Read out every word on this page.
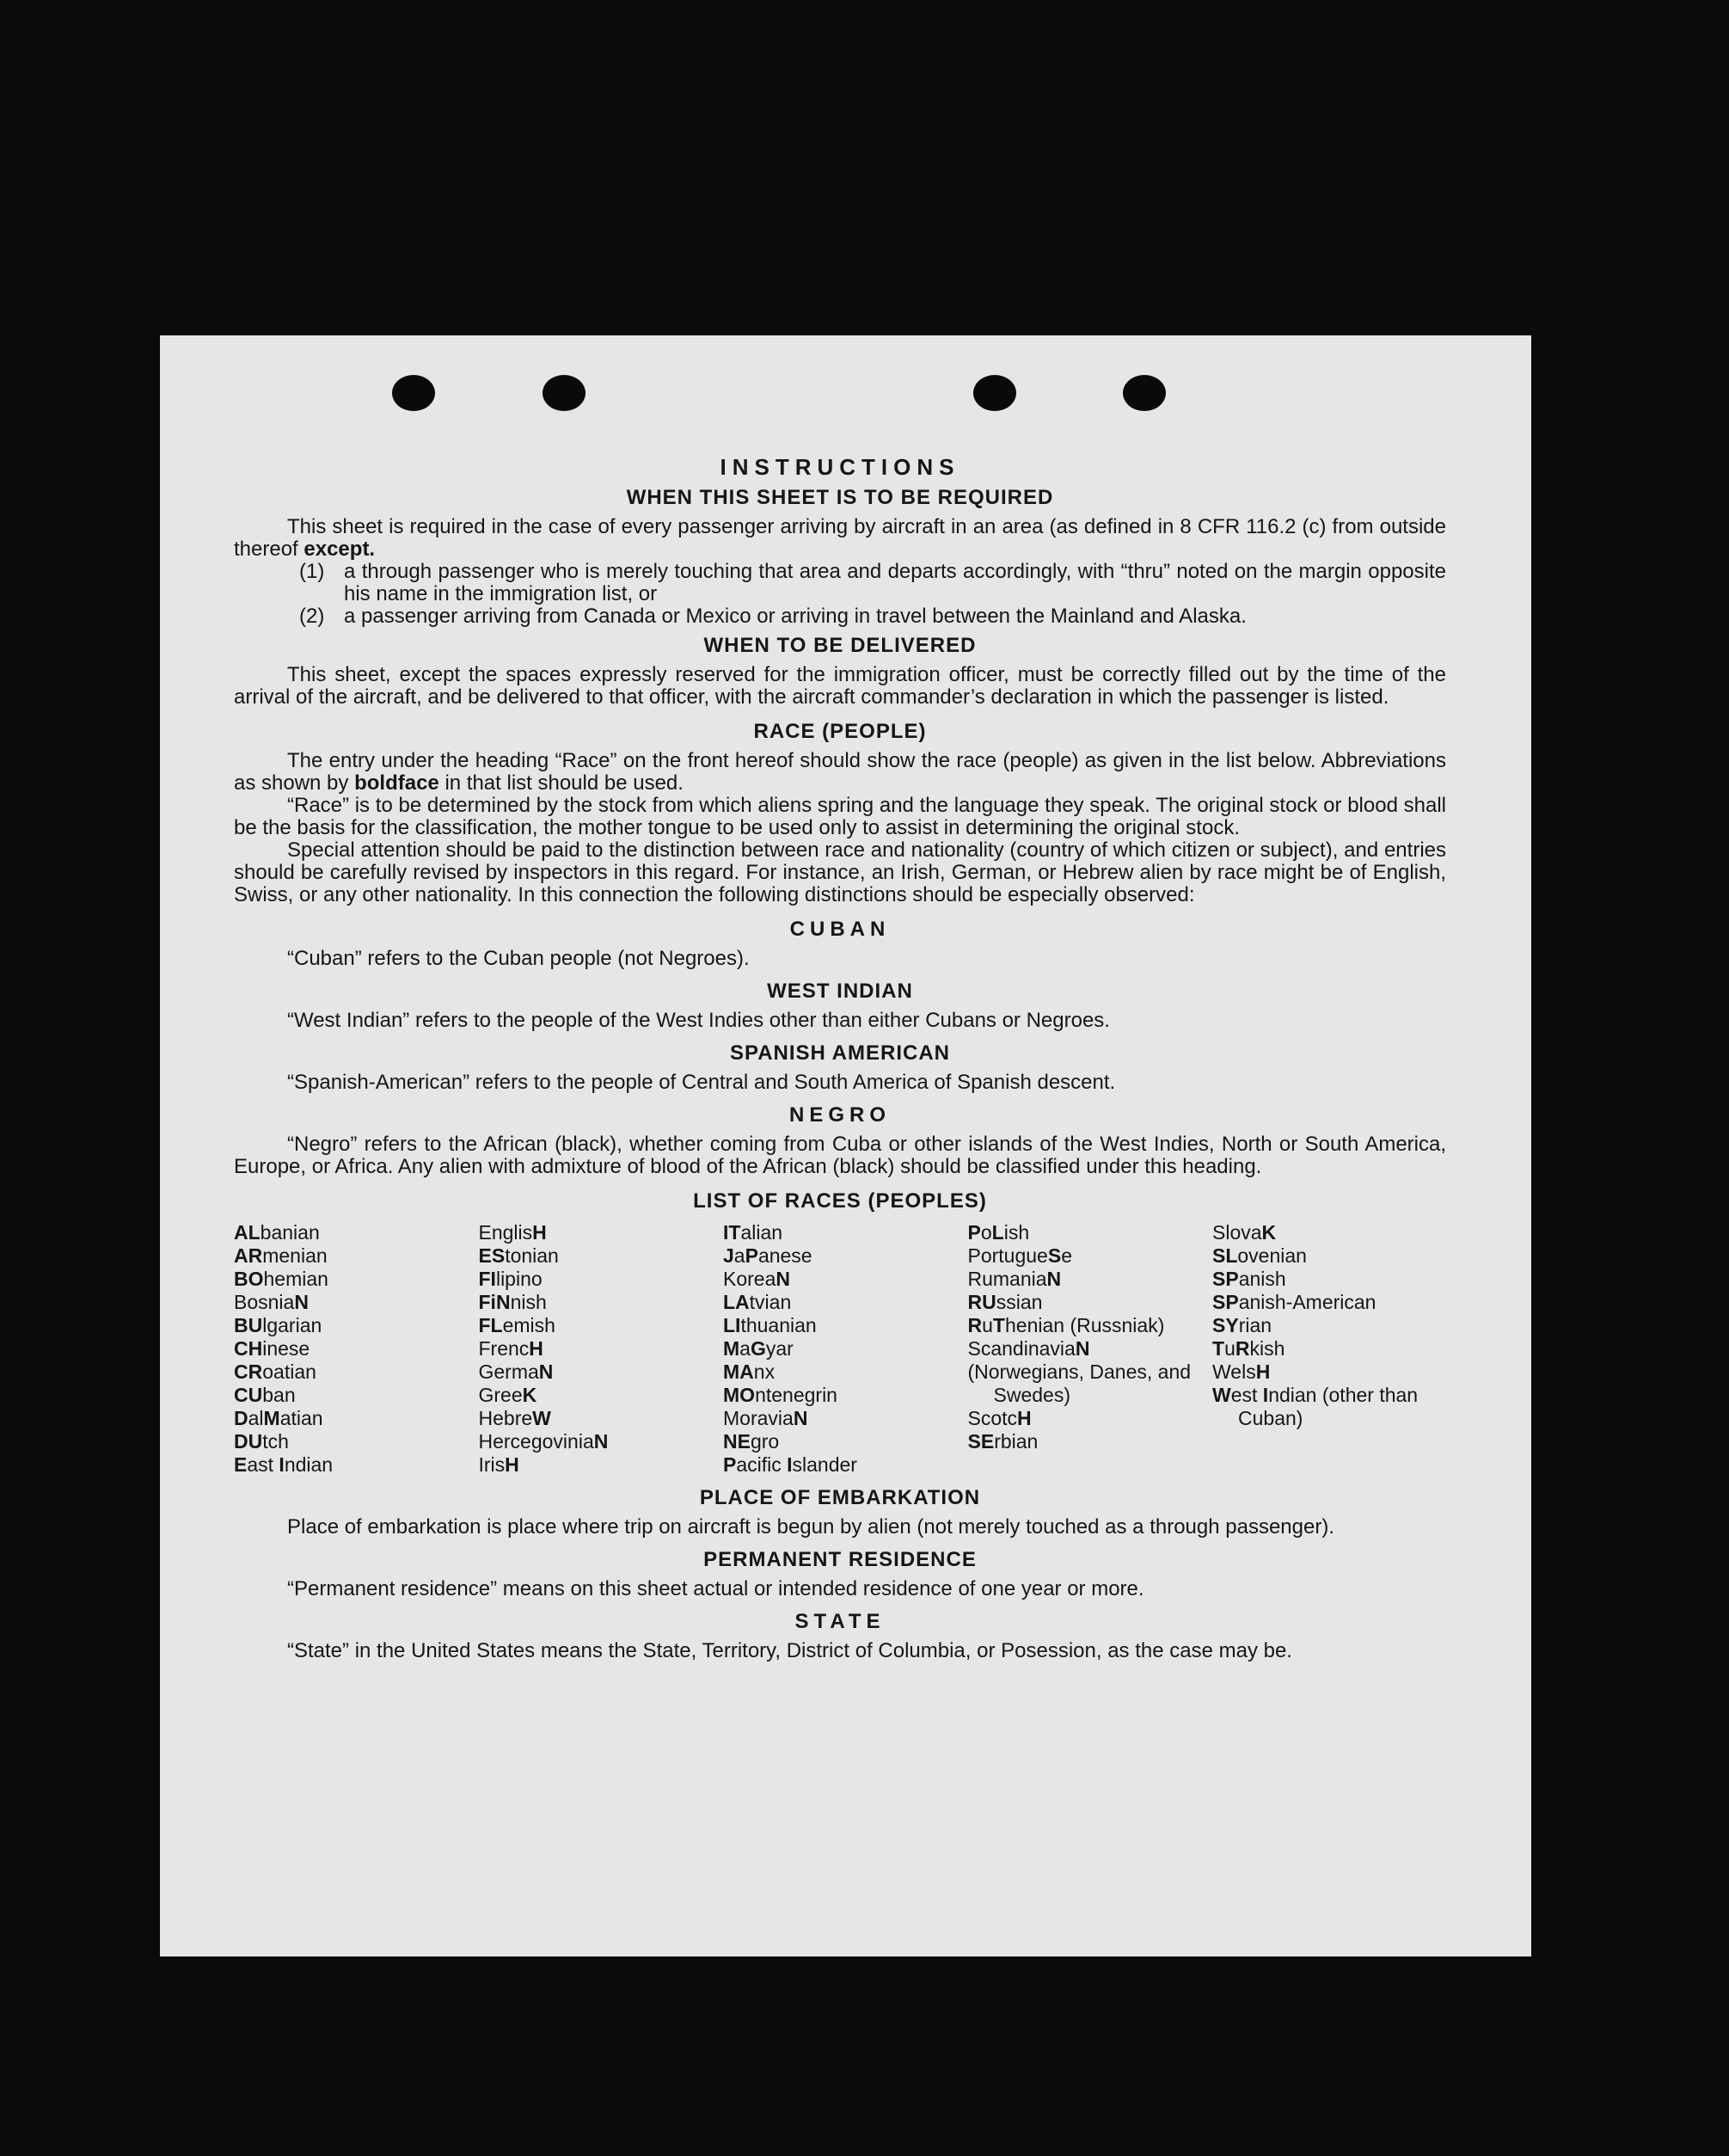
INSTRUCTIONS
WHEN THIS SHEET IS TO BE REQUIRED

This sheet is required in the case of every passenger arriving by aircraft in an area (as defined in 8 CFR 116.2 (c) from outside thereof except.

(1) a through passenger who is merely touching that area and departs accordingly, with “thru” noted on the margin opposite his name in the immigration list, or

(2) a passenger arriving from Canada or Mexico or arriving in travel between the Mainland and Alaska.

WHEN TO BE DELIVERED

This sheet, except the spaces expressly reserved for the immigration officer, must be correctly filled out by the time of the arrival of the aircraft, and be delivered to that officer, with the aircraft commander’s declaration in which the passenger is listed.

RACE (PEOPLE)

The entry under the heading “Race” on the front hereof should show the race (people) as given in the list below. Abbreviations as shown by boldface in that list should be used.

“Race” is to be determined by the stock from which aliens spring and the language they speak. The original stock or blood shall be the basis for the classification, the mother tongue to be used only to assist in determining the original stock.

Special attention should be paid to the distinction between race and nationality (country of which citizen or subject), and entries should be carefully revised by inspectors in this regard. For instance, an Irish, German, or Hebrew alien by race might be of English, Swiss, or any other nationality. In this connection the following distinctions should be especially observed:

CUBAN

“Cuban” refers to the Cuban people (not Negroes).

WEST INDIAN

“West Indian” refers to the people of the West Indies other than either Cubans or Negroes.

SPANISH AMERICAN

“Spanish-American” refers to the people of Central and South America of Spanish descent.

NEGRO

“Negro” refers to the African (black), whether coming from Cuba or other islands of the West Indies, North or South America, Europe, or Africa. Any alien with admixture of blood of the African (black) should be classified under this heading.

LIST OF RACES (PEOPLES)
ALbanian
ARmenian
BOhemian
BosniaN
BUlgarian
CHinese
CRoatian
CUban
DalMatian
DUtch
East Indian
EnglisH
EStonian
FIlipino
FiNnish
FLemish
FrencH
GermaN
GreeK
HebreW
HercegoviniaN
IrisH
ITalian
JaPanese
KoreaN
LAtvian
LIthuanian
MaGyar
MAnx
MOntenegrin
MoraviaN
NEgro
Pacific Islander
PoLish
PortugueSe
RumaniaN
RUssian
RuThenian (Russniak)
ScandinaviaN
(Norwegians, Danes, and Swedes)
ScotcH
SErbian
SlovaK
SLovenian
SPanish
SPanish-American
SYrian
TuRkish
WelsH
West Indian (other than Cuban)
PLACE OF EMBARKATION

Place of embarkation is place where trip on aircraft is begun by alien (not merely touched as a through passenger).

PERMANENT RESIDENCE

“Permanent residence” means on this sheet actual or intended residence of one year or more.

STATE

“State” in the United States means the State, Territory, District of Columbia, or Posession, as the case may be.
